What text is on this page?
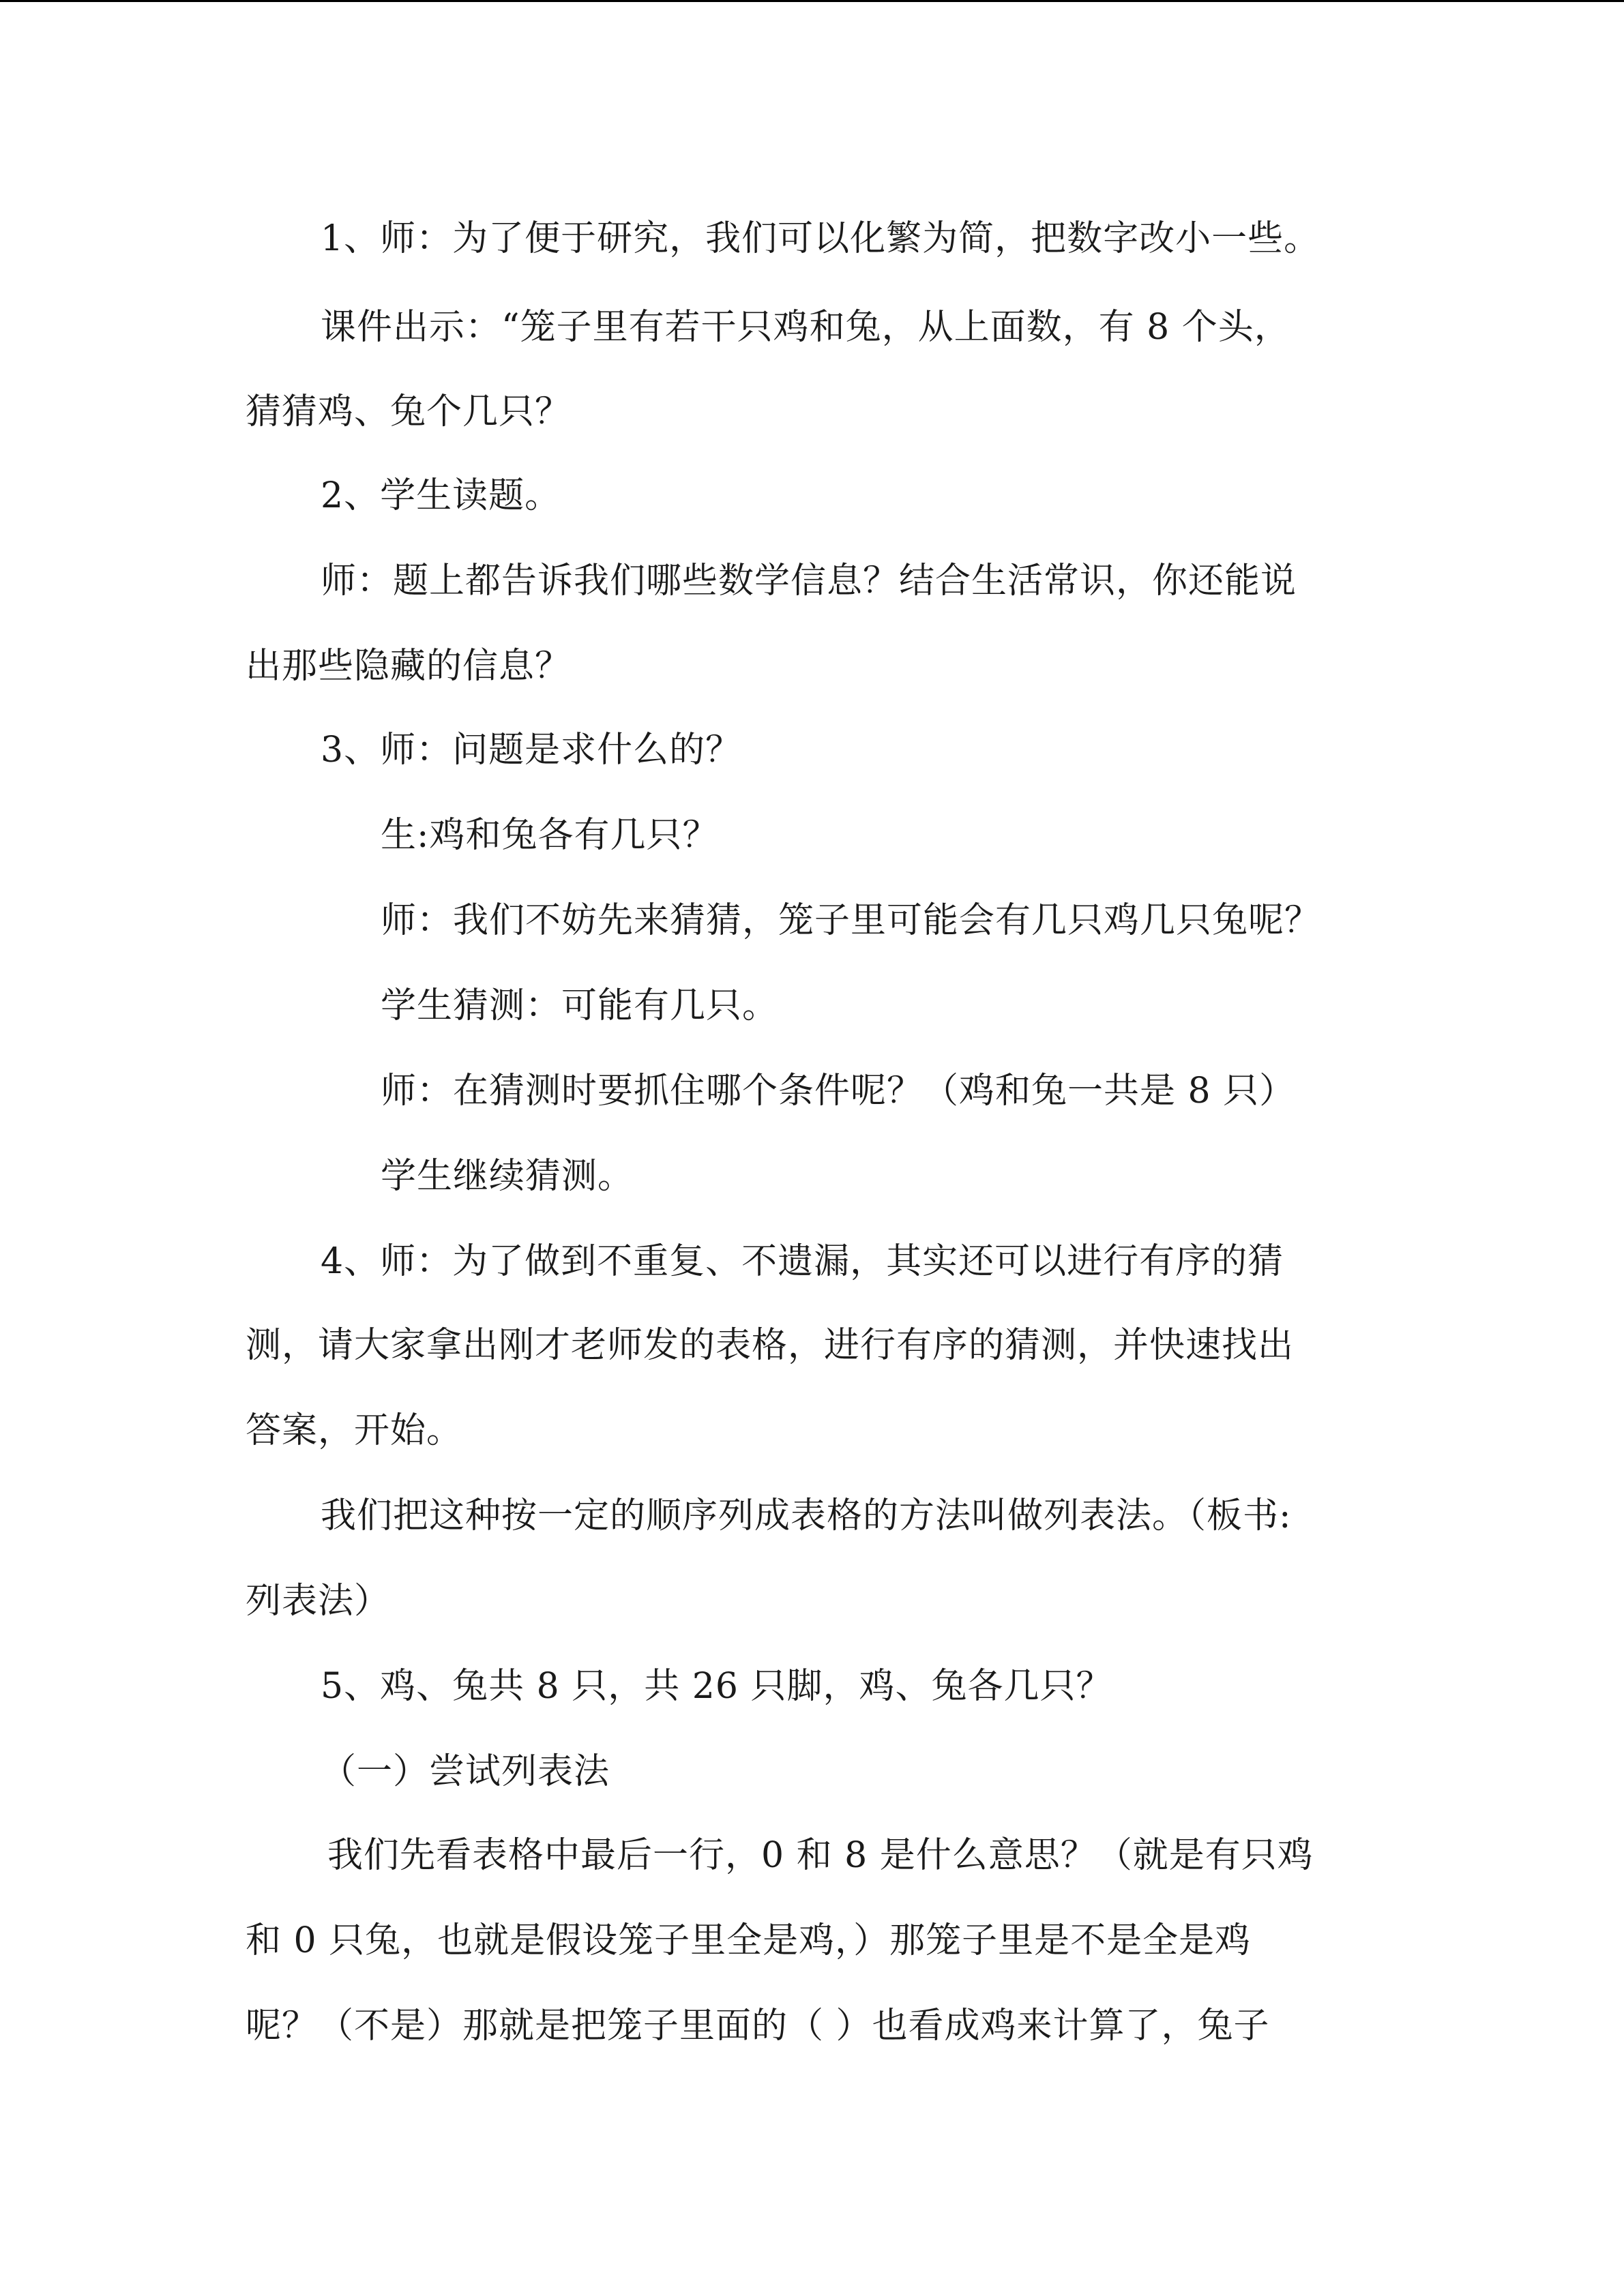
1、师：为了便于研究，我们可以化繁为简，把数字改小一些。
课件出示：“笼子里有若干只鸡和兔，从上面数，有 8 个头，
猜猜鸡、兔个几只？
2、学生读题。
师：题上都告诉我们哪些数学信息？结合生活常识，你还能说
出那些隐藏的信息？
3、师：问题是求什么的？
生:鸡和兔各有几只？
师：我们不妨先来猜猜，笼子里可能会有几只鸡几只兔呢？
学生猜测：可能有几只。
师：在猜测时要抓住哪个条件呢？（鸡和兔一共是 8 只）
学生继续猜测。
4、师：为了做到不重复、不遗漏，其实还可以进行有序的猜
测，请大家拿出刚才老师发的表格，进行有序的猜测，并快速找出
答案，开始。
我们把这种按一定的顺序列成表格的方法叫做列表法。（板书:
列表法）
5、鸡、兔共 8 只，共 26 只脚，鸡、兔各几只？
（一）尝试列表法
我们先看表格中最后一行，0 和 8 是什么意思？（就是有只鸡
和 0 只兔，也就是假设笼子里全是鸡，）那笼子里是不是全是鸡
呢？（不是）那就是把笼子里面的（ ）也看成鸡来计算了，兔子
